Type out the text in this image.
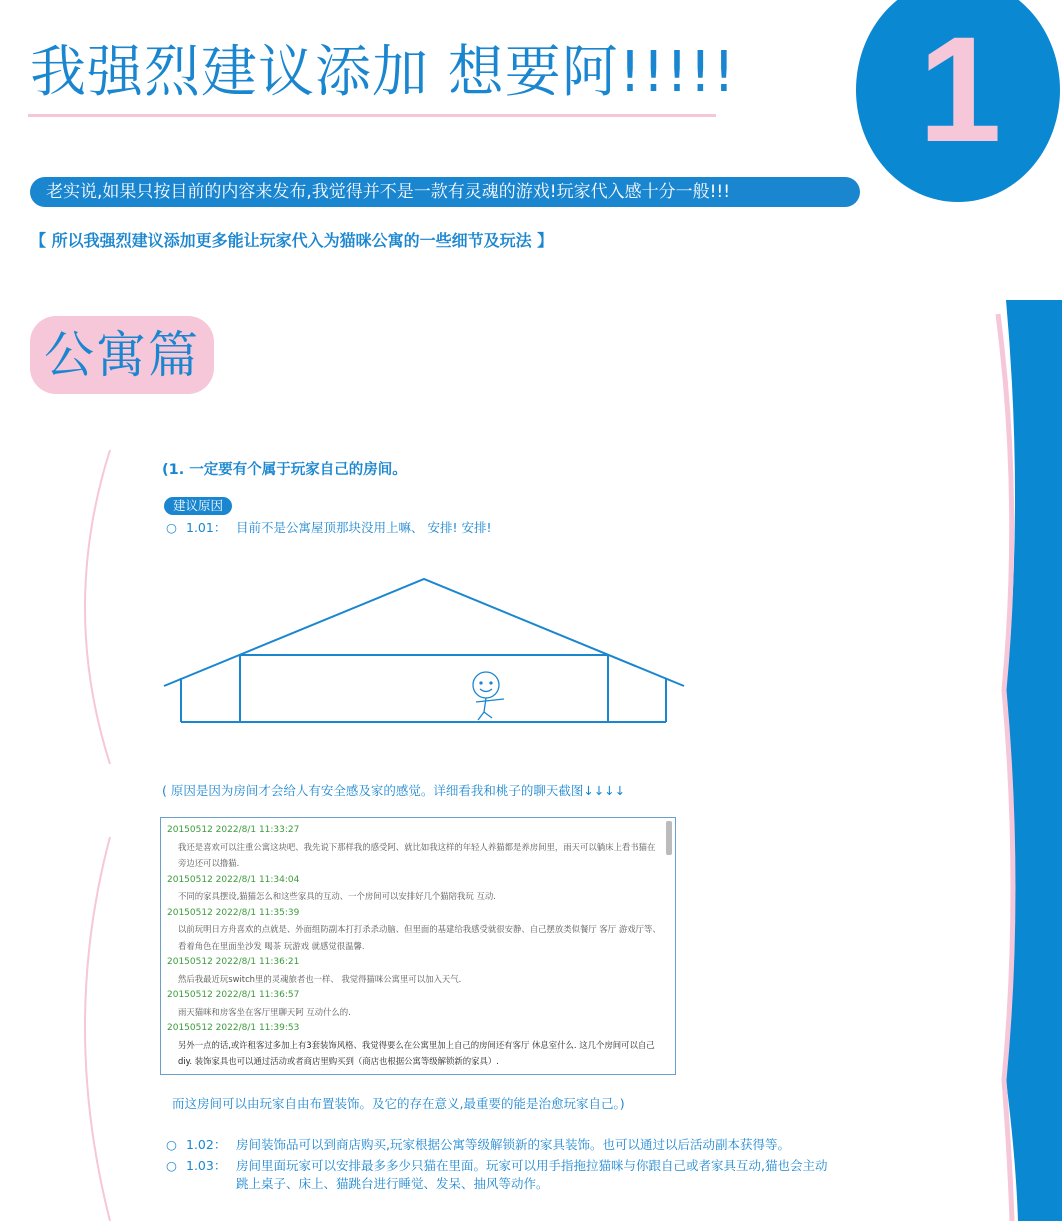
我强烈建议添加 想要阿!!!!! 1
老实说,如果只按目前的内容来发布,我觉得并不是一款有灵魂的游戏!玩家代入感十分一般!!!
【 所以我强烈建议添加更多能让玩家代入为猫咪公寓的一些细节及玩法 】
公寓篇
(1. 一定要有个属于玩家自己的房间。
建议原因
○ 1.01： 目前不是公寓屋顶那块没用上嘛、 安排! 安排!
( 原因是因为房间才会给人有安全感及家的感觉。详细看我和桃子的聊天截图↓↓↓↓
20150512 2022/8/1 11:33:27
我还是喜欢可以注重公寓这块吧、我先说下那样我的感受阿、就比如我这样的年轻人养猫都是养房间里，雨天可以躺床上看书猫在旁边还可以撸猫.
20150512 2022/8/1 11:34:04
不同的家具摆设,猫猫怎么和这些家具的互动、一个房间可以安排好几个猫陪我玩 互动.
20150512 2022/8/1 11:35:39
以前玩明日方舟喜欢的点就是、外面组防副本打打杀杀动脑、但里面的基建给我感受就很安静、自己摆放类似餐厅 客厅 游戏厅等、看着角色在里面坐沙发 喝茶 玩游戏 就感觉很温馨.
20150512 2022/8/1 11:36:21
然后我最近玩switch里的灵魂旅者也一样、 我觉得猫咪公寓里可以加入天气.
20150512 2022/8/1 11:36:57
雨天猫咪和房客坐在客厅里聊天阿 互动什么的.
20150512 2022/8/1 11:39:53
另外一点的话,或许租客过多加上有3套装饰风格、我觉得要么在公寓里加上自己的房间还有客厅 休息室什么. 这几个房间可以自己diy. 装饰家具也可以通过活动或者商店里购买到（商店也根据公寓等级解锁新的家具）.
而这房间可以由玩家自由布置装饰。及它的存在意义,最重要的能是治愈玩家自己。)
○ 1.02： 房间装饰品可以到商店购买,玩家根据公寓等级解锁新的家具装饰。也可以通过以后活动副本获得等。
○ 1.03： 房间里面玩家可以安排最多多少只猫在里面。玩家可以用手指拖拉猫咪与你跟自己或者家具互动,猫也会主动
跳上桌子、床上、猫跳台进行睡觉、发呆、抽风等动作。
